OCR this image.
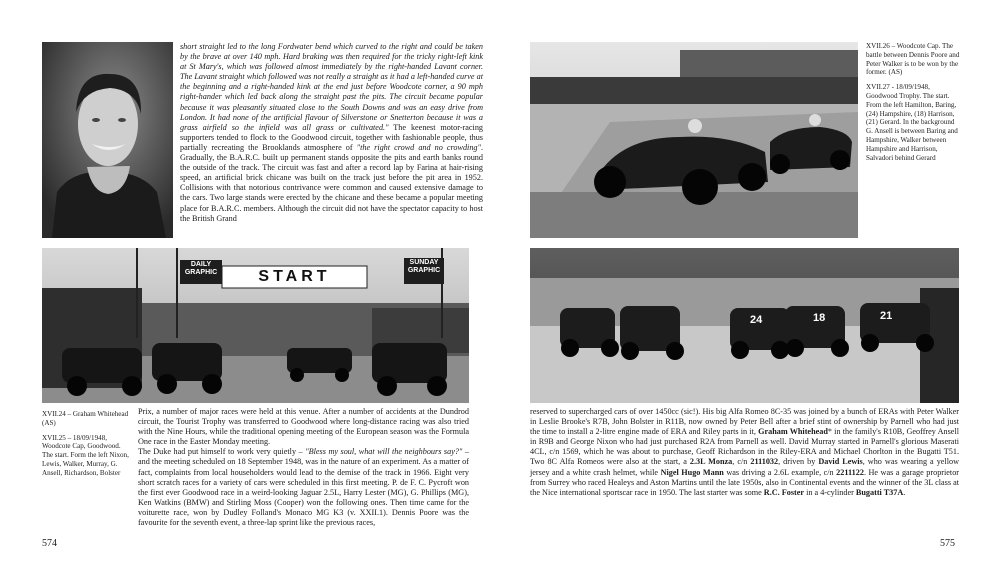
short straight led to the long Fordwater bend which curved to the right and could be taken by the brave at over 140 mph. Hard braking was then required for the tricky right-left kink at St Mary's, which was followed almost immediately by the right-handed Lavant corner. The Lavant straight which followed was not really a straight as it had a left-handed curve at the beginning and a right-handed kink at the end just before Woodcote corner, a 90 mph right-hander which led back along the straight past the pits. The circuit became popular because it was pleasantly situated close to the South Downs and was an easy drive from London. It had none of the artificial flavour of Silverstone or Snetterton because it was a grass airfield so the infield was all grass or cultivated." The keenest motor-racing supporters tended to flock to the Goodwood circuit, together with fashionable people, thus partially recreating the Brooklands atmosphere of "the right crowd and no crowding". Gradually, the B.A.R.C. built up permanent stands opposite the pits and earth banks round the outside of the track. The circuit was fast and after a record lap by Farina at hair-rising speed, an artificial brick chicane was built on the track just before the pit area in 1952. Collisions with that notorious contrivance were common and caused extensive damage to the cars. Two large stands were erected by the chicane and these became a popular meeting place for B.A.R.C. members. Although the circuit did not have the spectator capacity to host the British Grand

DAILY GRAPHIC	START
SUNDAY GRAPHIC

XVII.24 – Graham Whitehead (AS)

XVII.25 – 18/09/1948, Woodcote Cap, Goodwood. The start. Form the left Nixon, Lewis, Walker, Murray, G. Ansell, Richardson, Bolster

Prix, a number of major races were held at this venue. After a number of accidents at the Dundrod circuit, the Tourist Trophy was transferred to Goodwood where long-distance racing was also tried with the Nine Hours, while the traditional opening meeting of the European season was the Formula One race in the Easter Monday meeting.
The Duke had put himself to work very quietly – "Bless my soul, what will the neighbours say?" – and the meeting scheduled on 18 September 1948, was in the nature of an experiment. As a matter of fact, complaints from local householders would lead to the demise of the track in 1966. Eight very short scratch races for a variety of cars were scheduled in this first meeting. P. de F. C. Pycroft won the first ever Goodwood race in a weird-looking Jaguar 2.5L, Harry Lester (MG), G. Phillips (MG), Ken Watkins (BMW) and Stirling Moss (Cooper) won the following ones. Then time came for the voiturette race, won by Dudley Folland's Monaco MG K3 (v. XXII.1). Dennis Poore was the favourite for the seventh event, a three-lap sprint like the previous races,
574

XVII.26 – Woodcote Cap. The battle between Dennis Poore and Peter Walker is to be won by the former. (AS)

XVII.27 - 18/09/1948, Goodwood Trophy. The start. From the left Hamilton, Baring, (24) Hampshire, (18) Harrison, (21) Gerard. In the background G. Ansell is between Baring and Hampshire, Walker between Hampshire and Harrison, Salvadori behind Gerard

24	18	21

reserved to supercharged cars of over 1450cc (sic!). His big Alfa Romeo 8C-35 was joined by a bunch of ERAs with Peter Walker in Leslie Brooke's R7B, John Bolster in R11B, now owned by Peter Bell after a brief stint of ownership by Parnell who had just the time to install a 2-litre engine made of ERA and Riley parts in it, Graham Whitehead* in the family's R10B, Geoffrey Ansell in R9B and George Nixon who had just purchased R2A from Parnell as well. David Murray started in Parnell's glorious Maserati 4CL, c/n 1569, which he was about to purchase, Geoff Richardson in the Riley-ERA and Michael Chorlton in the Bugatti T51. Two 8C Alfa Romeos were also at the start, a 2.3L Monza, c/n 2111032, driven by David Lewis, who was wearing a yellow jersey and a white crash helmet, while Nigel Hugo Mann was driving a 2.6L example, c/n 2211122. He was a garage proprietor from Surrey who raced Healeys and Aston Martins until the late 1950s, also in Continental events and the winner of the 3L class at the Nice international sportscar race in 1950. The last starter was some R.C. Foster in a 4-cylinder Bugatti T37A.

575
